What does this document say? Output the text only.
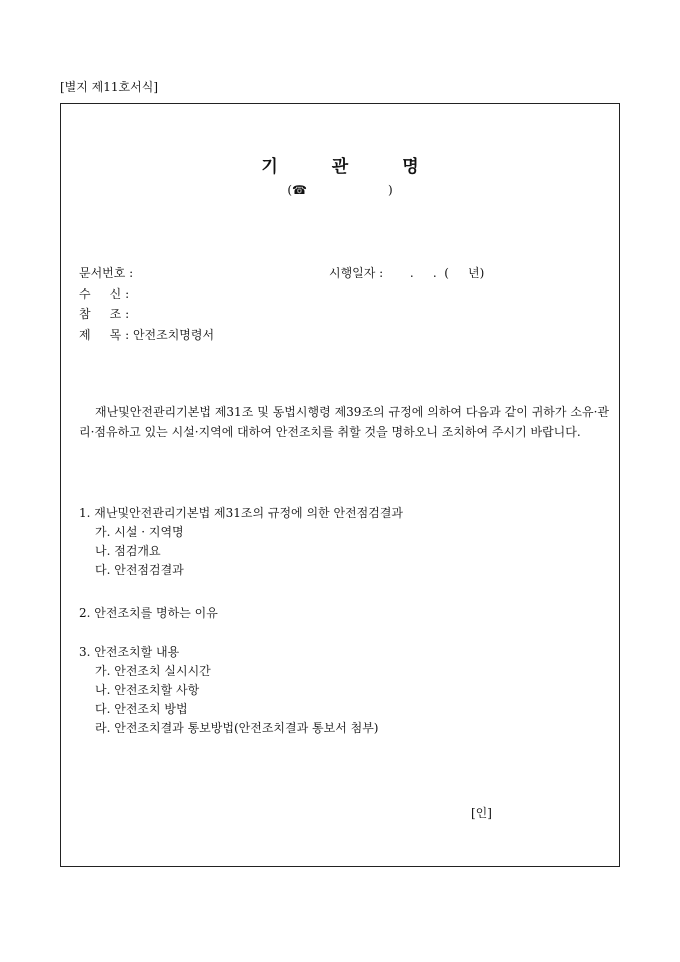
[별지 제11호서식]
기관명
(☎	)
문서번호 :	시행일자 :       .     .  (     년)
수     신 :
참     조 :
제     목 : 안전조치명령서
재난및안전관리기본법 제31조 및 동법시행령 제39조의 규정에 의하여 다음과 같이 귀하가 소유·관리·점유하고 있는 시설·지역에 대하여 안전조치를 취할 것을 명하오니 조치하여 주시기 바랍니다.
1. 재난및안전관리기본법 제31조의 규정에 의한 안전점검결과
가. 시설 · 지역명
나. 점검개요
다. 안전점검결과
2. 안전조치를 명하는 이유
3. 안전조치할 내용
가. 안전조치 실시시간
나. 안전조치할 사항
다. 안전조치 방법
라. 안전조치결과 통보방법(안전조치결과 통보서 첨부)
[인]
